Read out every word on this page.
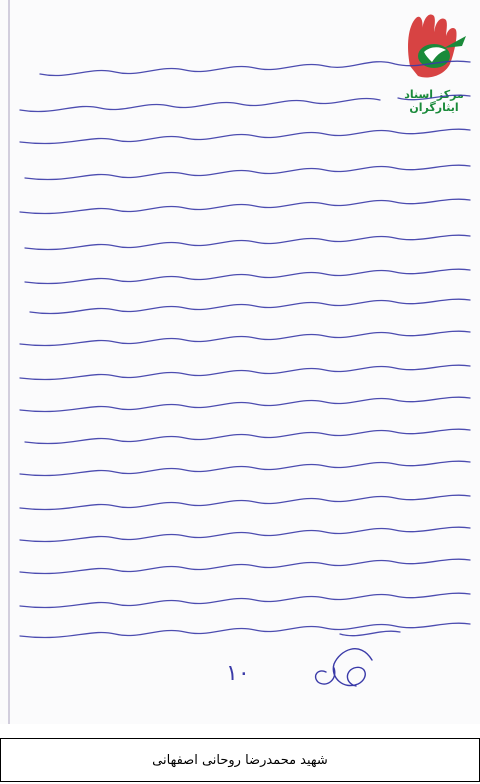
مرکز اسناد ایثارگران
۱۰
شهید محمدرضا روحانی اصفهانی
